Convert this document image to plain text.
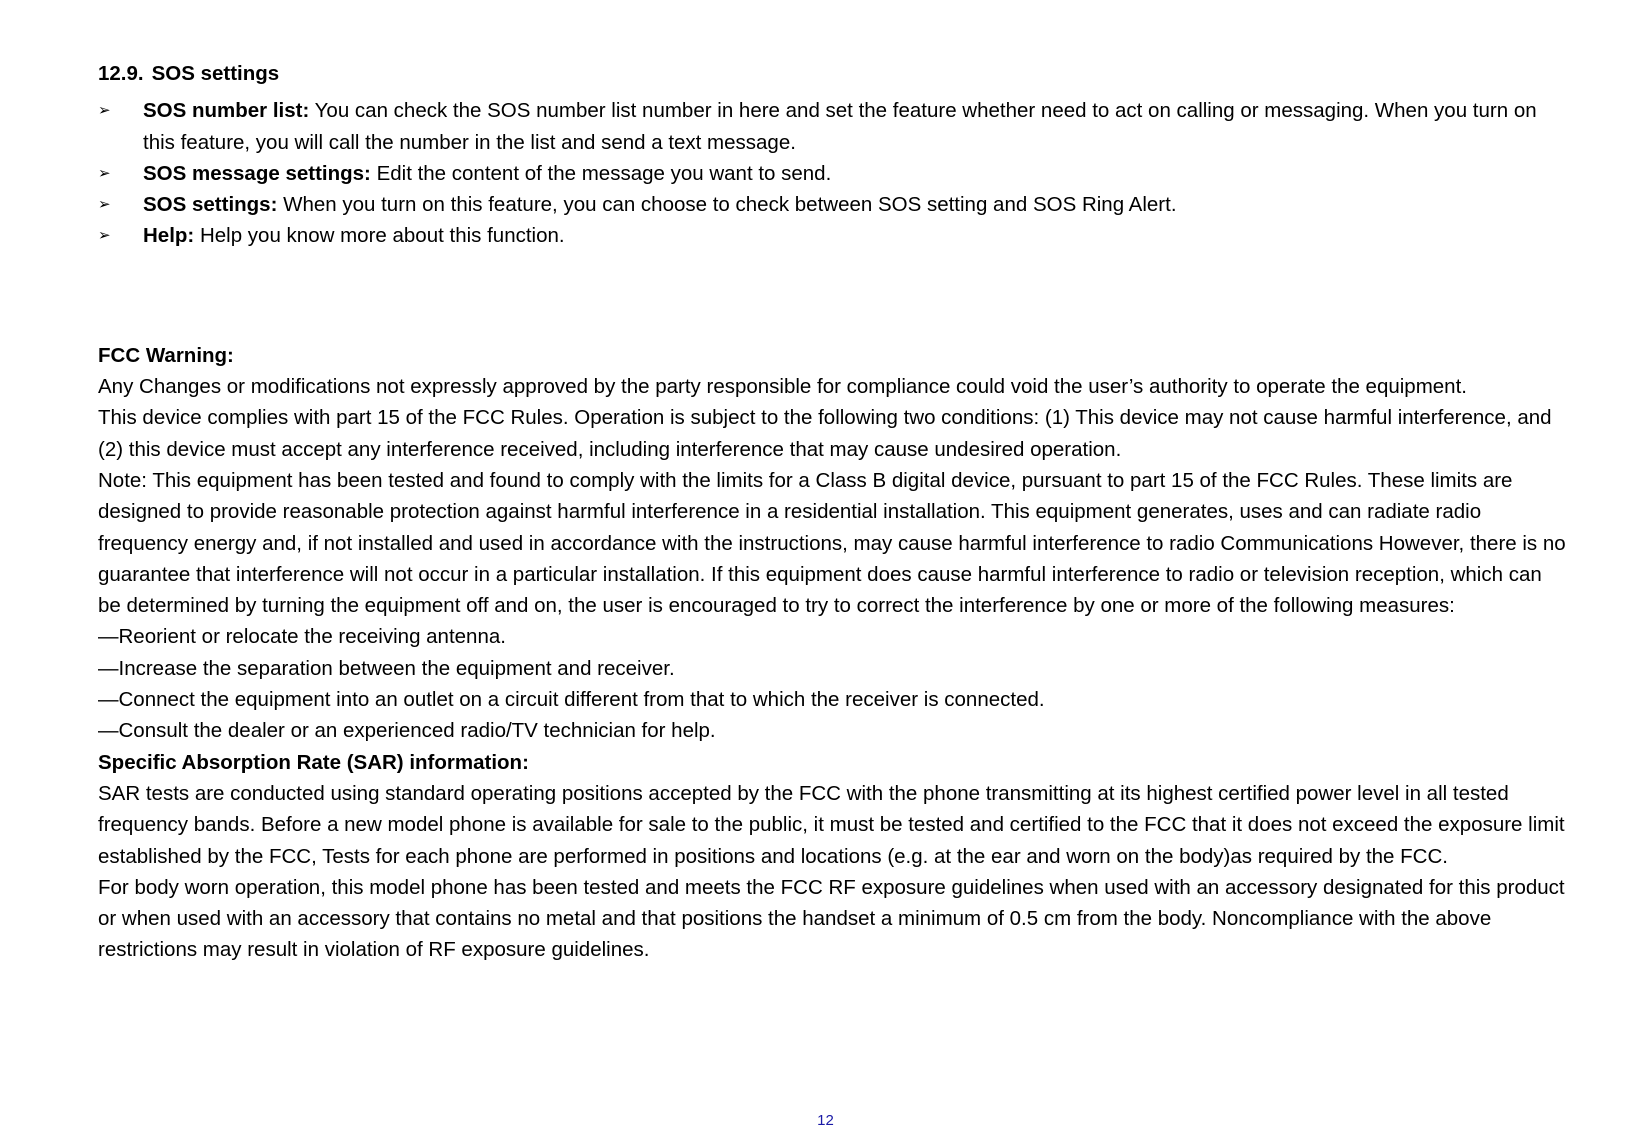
12.9. SOS settings
➢	SOS number list: You can check the SOS number list number in here and set the feature whether need to act on calling or messaging. When you turn on this feature, you will call the number in the list and send a text message.
➢	SOS message settings: Edit the content of the message you want to send.
➢	SOS settings: When you turn on this feature, you can choose to check between SOS setting and SOS Ring Alert.
➢	Help: Help you know more about this function.

FCC Warning:

Any Changes or modifications not expressly approved by the party responsible for compliance could void the user’s authority to operate the equipment.

This device complies with part 15 of the FCC Rules. Operation is subject to the following two conditions: (1) This device may not cause harmful interference, and (2) this device must accept any interference received, including interference that may cause undesired operation.

Note: This equipment has been tested and found to comply with the limits for a Class B digital device, pursuant to part 15 of the FCC Rules. These limits are designed to provide reasonable protection against harmful interference in a residential installation. This equipment generates, uses and can radiate radio frequency energy and, if not installed and used in accordance with the instructions, may cause harmful interference to radio Communications However, there is no guarantee that interference will not occur in a particular installation. If this equipment does cause harmful interference to radio or television reception, which can be determined by turning the equipment off and on, the user is encouraged to try to correct the interference by one or more of the following measures:

—Reorient or relocate the receiving antenna.

—Increase the separation between the equipment and receiver.

—Connect the equipment into an outlet on a circuit different from that to which the receiver is connected.

—Consult the dealer or an experienced radio/TV technician for help.

Specific Absorption Rate (SAR) information:

SAR tests are conducted using standard operating positions accepted by the FCC with the phone transmitting at its highest certified power level in all tested frequency bands. Before a new model phone is available for sale to the public, it must be tested and certified to the FCC that it does not exceed the exposure limit established by the FCC, Tests for each phone are performed in positions and locations (e.g. at the ear and worn on the body)as required by the FCC.

For body worn operation, this model phone has been tested and meets the FCC RF exposure guidelines when used with an accessory designated for this product or when used with an accessory that contains no metal and that positions the handset a minimum of 0.5 cm from the body. Noncompliance with the above restrictions may result in violation of RF exposure guidelines.

12
